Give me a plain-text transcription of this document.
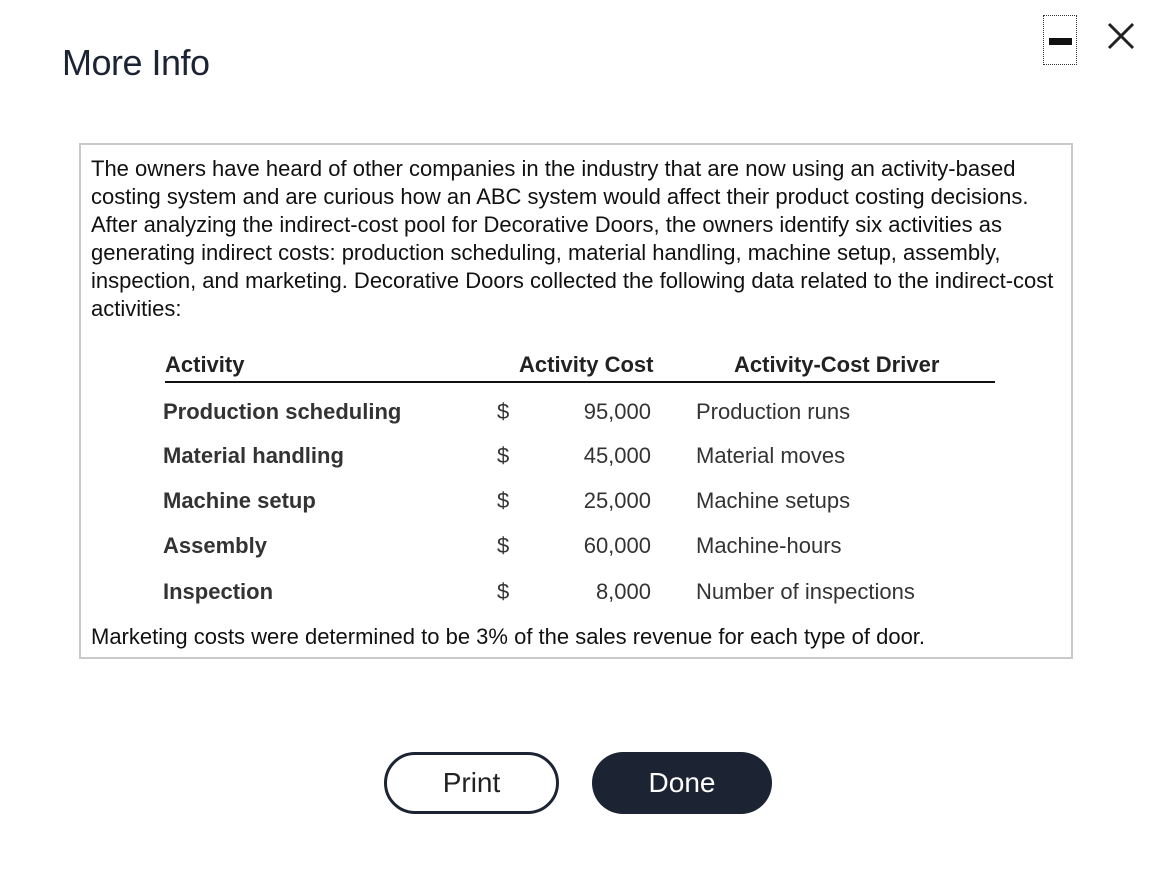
More Info

The owners have heard of other companies in the industry that are now using an activity-based costing system and are curious how an ABC system would affect their product costing decisions. After analyzing the indirect-cost pool for Decorative Doors, the owners identify six activities as generating indirect costs: production scheduling, material handling, machine setup, assembly, inspection, and marketing. Decorative Doors collected the following data related to the indirect-cost activities:

Activity	Activity Cost	Activity-Cost Driver
Production scheduling	$	95,000 Production runs
Material handling	$	45,000 Material moves
Machine setup	$	25,000 Machine setups
Assembly	$	60,000 Machine-hours
Inspection	$	8,000 Number of inspections

Marketing costs were determined to be 3% of the sales revenue for each type of door.

Print	Done
